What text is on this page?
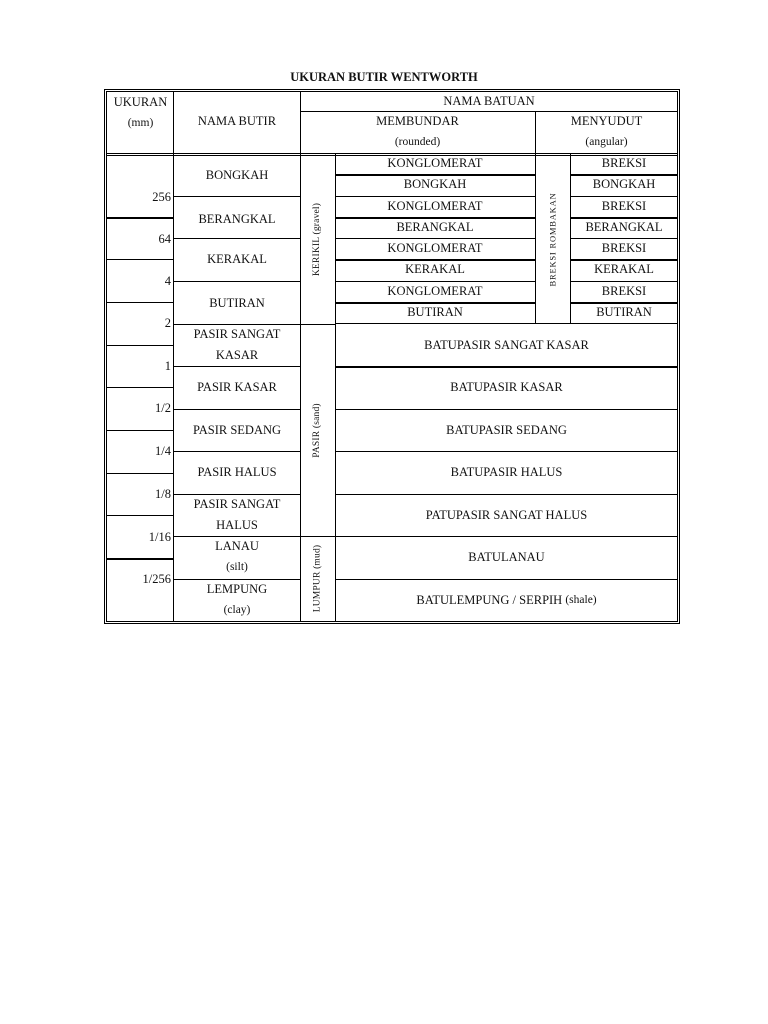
UKURAN BUTIR WENTWORTH
UKURAN
(mm)	NAMA BUTIR
NAMA BATUAN
MEMBUNDAR
(rounded)
MENYUDUT
(angular)
256
64
4
2
1
1/2
1/4
1/8
1/16
1/256
BONGKAH
BERANGKAL
KERAKAL
BUTIRAN
PASIR SANGAT
KASAR
PASIR KASAR
PASIR SEDANG
PASIR HALUS
PASIR SANGAT
HALUS
LANAU
(silt)
LEMPUNG
(clay)
KERIKIL (gravel)
PASIR (sand)
LUMPUR (mud)
BREKSI ROMBAKAN
KONGLOMERAT
BONGKAH
KONGLOMERAT
BERANGKAL
KONGLOMERAT
KERAKAL
KONGLOMERAT
BUTIRAN
BREKSI
BONGKAH
BREKSI
BERANGKAL
BREKSI
KERAKAL
BREKSI
BUTIRAN
BATUPASIR SANGAT KASAR
BATUPASIR KASAR
BATUPASIR SEDANG
BATUPASIR HALUS
PATUPASIR SANGAT HALUS
BATULANAU
BATULEMPUNG / SERPIH
(shale)
